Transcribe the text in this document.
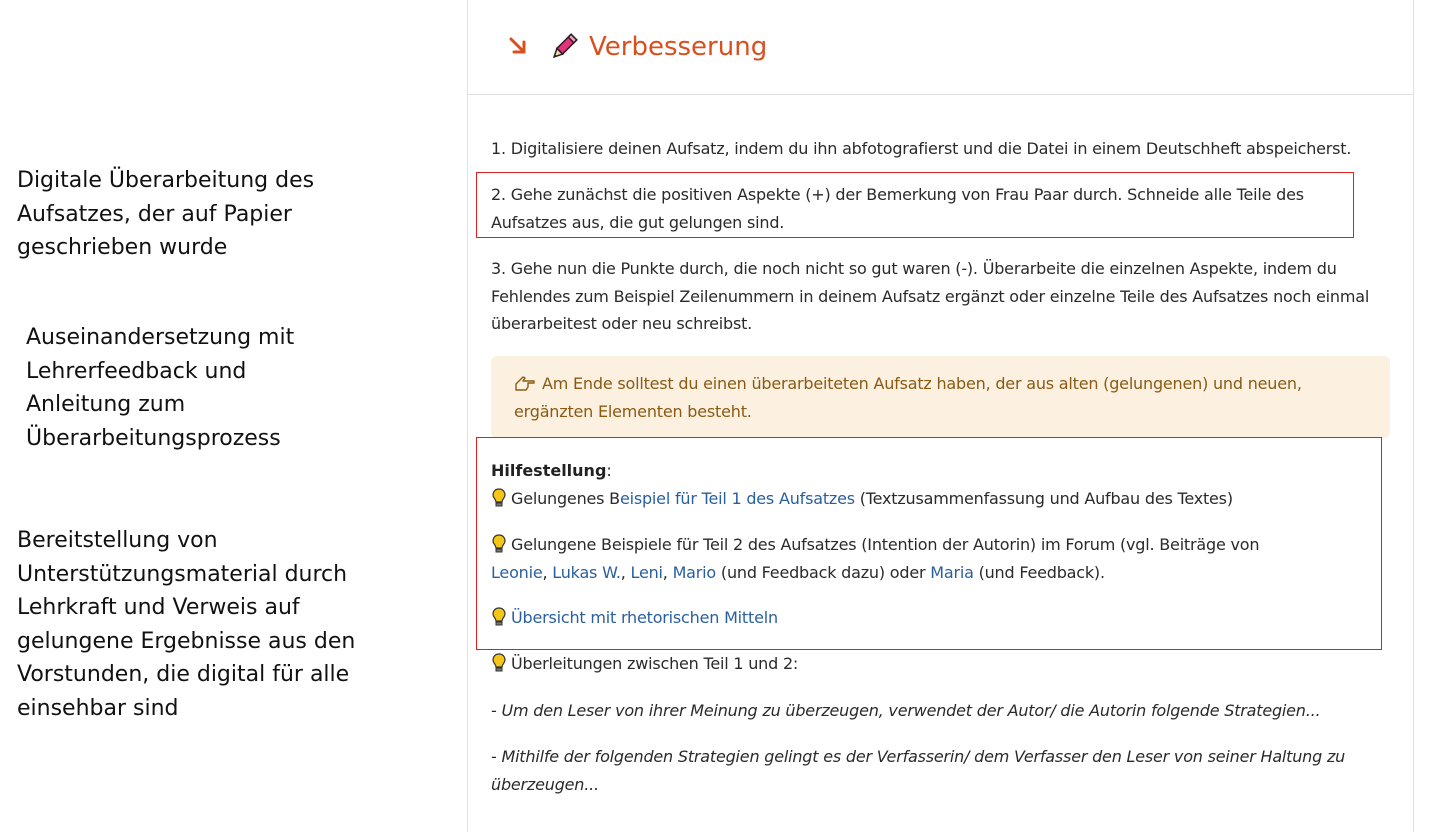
Digitale Überarbeitung des
Aufsatzes, der auf Papier
geschrieben wurde

Auseinandersetzung mit
Lehrerfeedback und
Anleitung zum
Überarbeitungsprozess

Bereitstellung von
Unterstützungsmaterial durch
Lehrkraft und Verweis auf
gelungene Ergebnisse aus den
Vorstunden, die digital für alle
einsehbar sind

Verbesserung
1. Digitalisiere deinen Aufsatz, indem du ihn abfotografierst und die Datei in einem Deutschheft abspeicherst.
2. Gehe zunächst die positiven Aspekte (+) der Bemerkung von Frau Paar durch. Schneide alle Teile des Aufsatzes aus, die gut gelungen sind.
3. Gehe nun die Punkte durch, die noch nicht so gut waren (-). Überarbeite die einzelnen Aspekte, indem du Fehlendes zum Beispiel Zeilenummern in deinem Aufsatz ergänzt oder einzelne Teile des Aufsatzes noch einmal überarbeitest oder neu schreibst.
Am Ende solltest du einen überarbeiteten Aufsatz haben, der aus alten (gelungenen) und neuen, ergänzten Elementen besteht.
Hilfestellung:
Gelungenes Beispiel für Teil 1 des Aufsatzes (Textzusammenfassung und Aufbau des Textes)
Gelungene Beispiele für Teil 2 des Aufsatzes (Intention der Autorin) im Forum (vgl. Beiträge von Leonie, Lukas W., Leni, Mario (und Feedback dazu) oder Maria (und Feedback).
Übersicht mit rhetorischen Mitteln
Überleitungen zwischen Teil 1 und 2:
- Um den Leser von ihrer Meinung zu überzeugen, verwendet der Autor/ die Autorin folgende Strategien...
- Mithilfe der folgenden Strategien gelingt es der Verfasserin/ dem Verfasser den Leser von seiner Haltung zu überzeugen...
